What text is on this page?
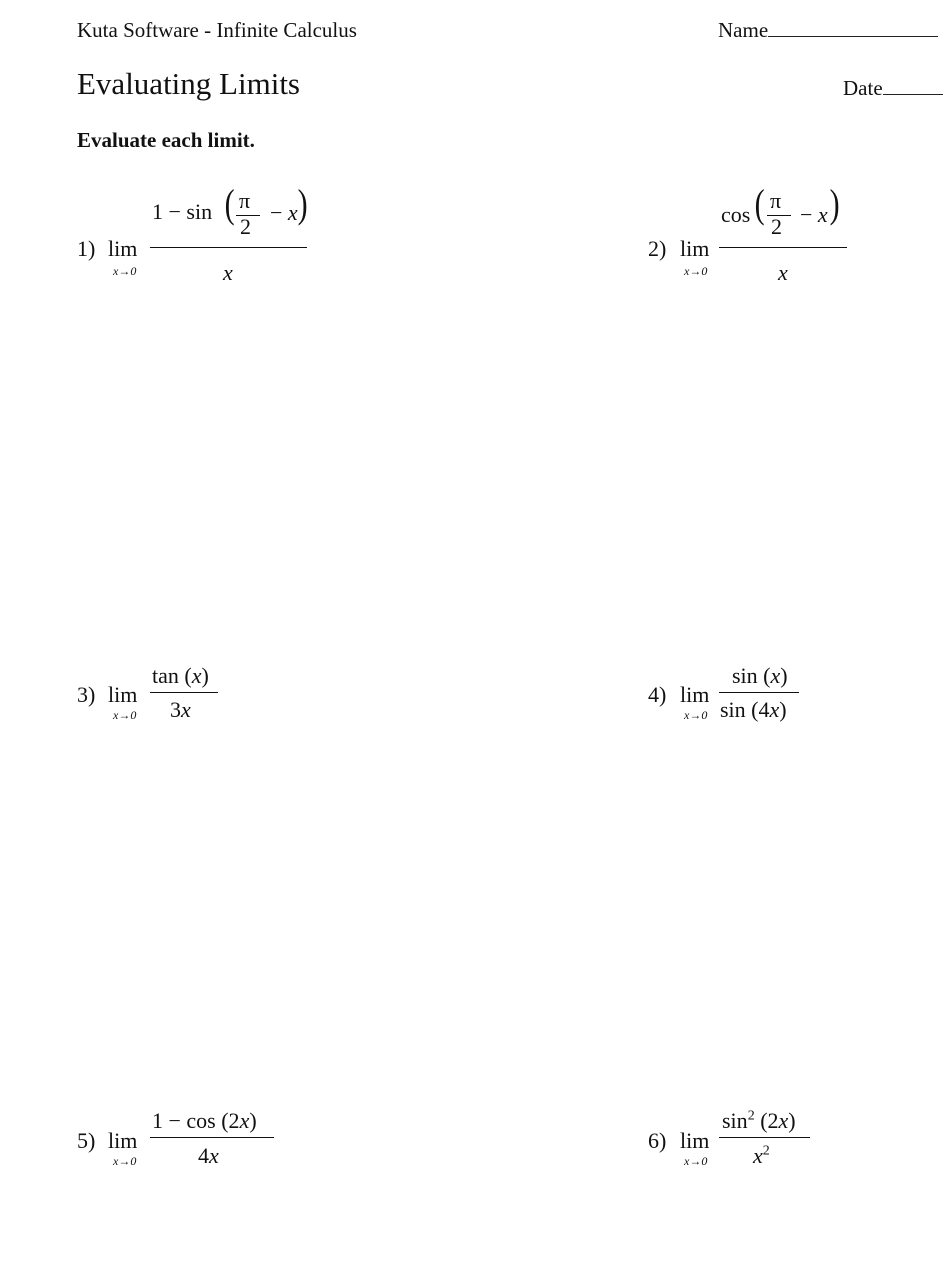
Kuta Software - Infinite Calculus	Name
Evaluating Limits	Date
Evaluate each limit.
1) lim
x→0
1 − sin ( π
2
− x )
x
2) lim
x→0
cos ( π
2 − x )
x
3) lim
x→0
tan (x)
3x
4) lim
x→0
sin (x)
sin (4x)
5) lim
x→0
1 − cos (2x)
4x
6) lim
x→0
$\sin^2 (2x)$
$x^2$
